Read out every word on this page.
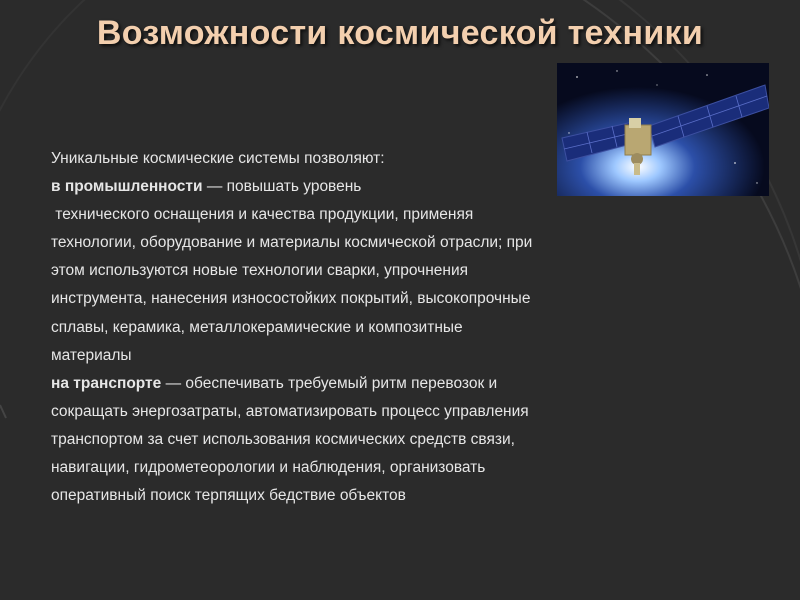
Возможности космической техники
Уникальные космические системы позволяют:
в промышленности — повышать уровень
технического оснащения и качества продукции, применяя
технологии, оборудование и материалы космической отрасли; при
этом используются новые технологии сварки, упрочнения
инструмента, нанесения износостойких покрытий, высокопрочные
сплавы, керамика, металлокерамические и композитные
материалы
на транспорте — обеспечивать требуемый ритм перевозок и
сокращать энергозатраты, автоматизировать процесс управления
транспортом за счет использования космических средств связи,
навигации, гидрометеорологии и наблюдения, организовать
оперативный поиск терпящих бедствие объектов
